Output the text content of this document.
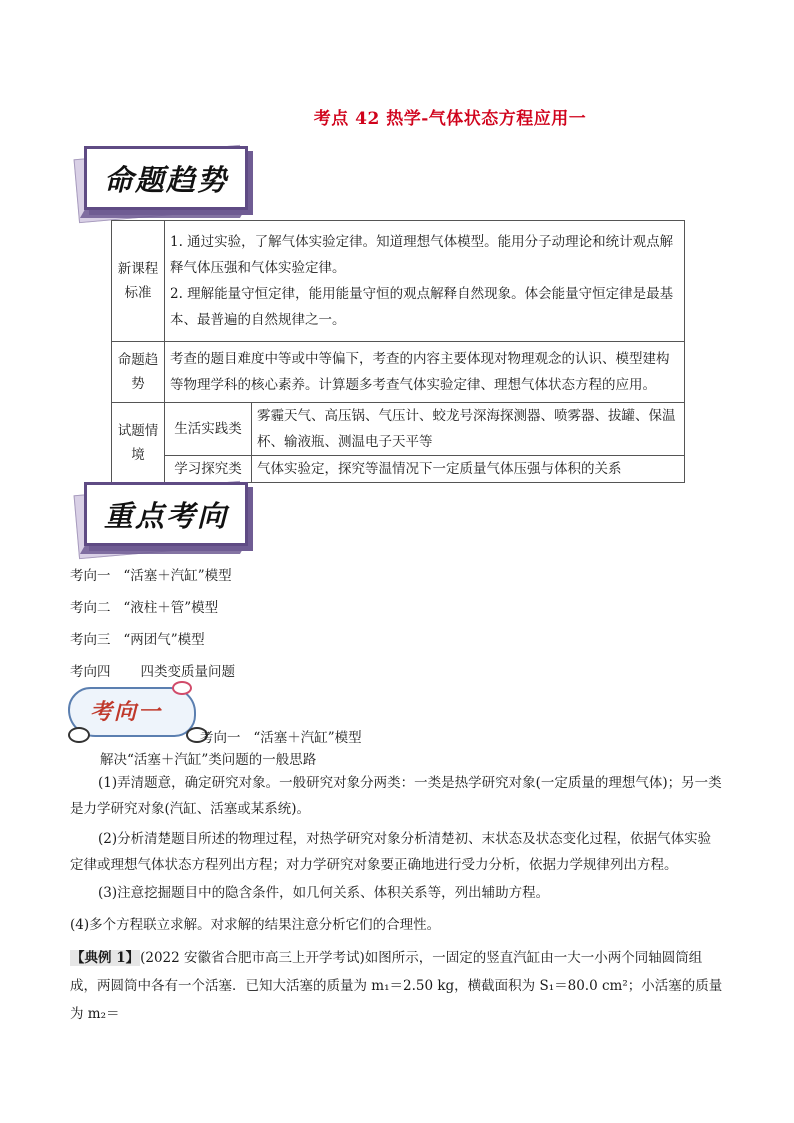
考点 42 热学-气体状态方程应用一
命题趋势
新课程标准	1. 通过实验，了解气体实验定律。知道理想气体模型。能用分子动理论和统计观点解释气体压强和气体实验定律。
2. 理解能量守恒定律，能用能量守恒的观点解释自然现象。体会能量守恒定律是最基本、最普遍的自然规律之一。	

命题趋势	考查的题目难度中等或中等偏下，考查的内容主要体现对物理观念的认识、模型建构等物理学科的核心素养。计算题多考查气体实验定律、理想气体状态方程的应用。	
试题情境	生活实践类	雾霾天气、高压锅、气压计、蛟龙号深海探测器、喷雾器、拔罐、保温杯、输液瓶、测温电子天平等
	学习探究类	气体实验定，探究等温情况下一定质量气体压强与体积的关系
重点考向
考向一   “活塞＋汽缸”模型
考向二   “液柱＋管”模型
考向三   “两团气”模型
考向四       四类变质量问题
考向一
考向一   “活塞＋汽缸”模型
解决“活塞＋汽缸”类问题的一般思路
(1)弄清题意，确定研究对象。一般研究对象分两类：一类是热学研究对象(一定质量的理想气体)；另一类是力学研究对象(汽缸、活塞或某系统)。
(2)分析清楚题目所述的物理过程，对热学研究对象分析清楚初、末状态及状态变化过程，依据气体实验定律或理想气体状态方程列出方程；对力学研究对象要正确地进行受力分析，依据力学规律列出方程。
(3)注意挖掘题目中的隐含条件，如几何关系、体积关系等，列出辅助方程。
(4)多个方程联立求解。对求解的结果注意分析它们的合理性。
【典例 1】(2022 安徽省合肥市高三上开学考试)如图所示，一固定的竖直汽缸由一大一小两个同轴圆筒组成，两圆筒中各有一个活塞．已知大活塞的质量为 m₁＝2.50 kg，横截面积为 S₁＝80.0 cm²；小活塞的质量为 m₂＝
